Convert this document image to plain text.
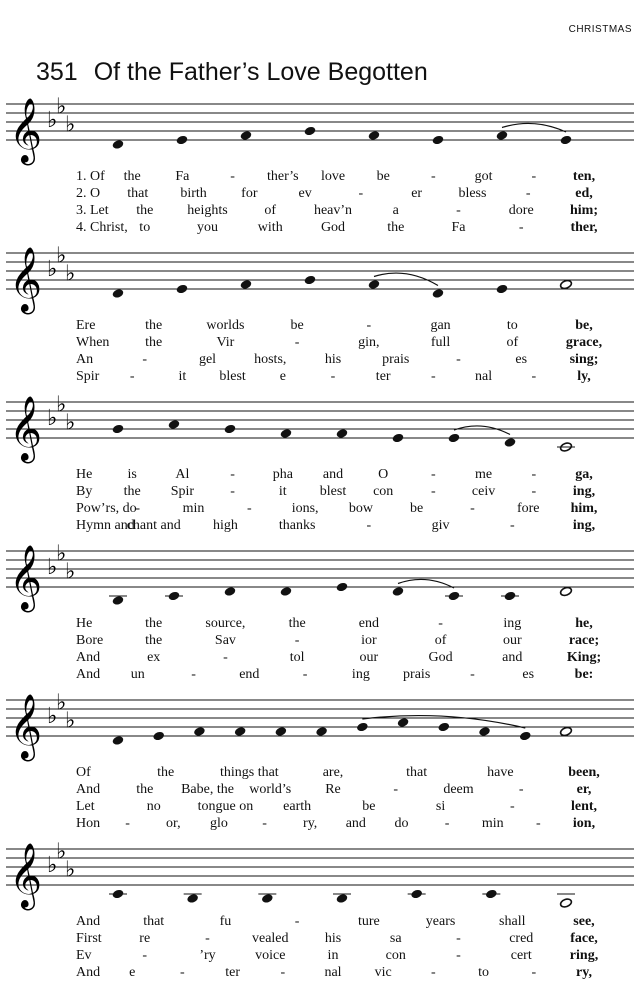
CHRISTMAS
351 Of the Father’s Love Begotten
𝄞 ♭
♭
♭
𝄞 ♭
♭
♭
𝄞 ♭
♭
♭
𝄞 ♭
♭
♭
𝄞 ♭
♭
♭
𝄞 ♭
♭
♭
1. Of the Fa	- ther’s love be	-	got	-	ten,
2. O that birth for	ev	-	er	bless	-	ed,
3. Let the heights	of	heav’n	a	-	dore	him;
4. Christ, to	you	with	God	the	Fa	-	ther,
Ere	the	worlds	be	-	gan	to	be,
When	the	Vir	-	gin,	full	of	grace,
An	-	gel	hosts,	his	prais	-	es	sing;
Spir -	it blest e	-	ter	-	nal	-	ly,
He	is	Al	-	pha and	O	-	me	-	ga,
By the Spir	-	it blest con	-	ceiv	-	ing,
Pow’rs, do
-	min	-	ions, bow	be	-	fore him,
Hymn and
chant and high	thanks	-	giv	-	ing,
He	the	source,	the	end	-	ing	he,
Bore	the	Sav	-	ior	of	our	race;
And	ex	-	tol	our	God	and	King;
And un	-	end	-	ing prais	-	es	be:
Of	the	things that	are,	that	have	been,
And	the Babe, the world’s Re	-	deem	-	er,
Let	no	tongue on earth	be	si	-	lent,
Hon -	or, glo -	ry, and do	- min - ion,
And	that	fu	-	ture	years	shall	see,
First	re	-	vealed	his	sa	-	cred	face,
Ev	-	’ry	voice	in	con	-	cert	ring,
And e	-	ter	-	nal vic	-	to	-	ry,
